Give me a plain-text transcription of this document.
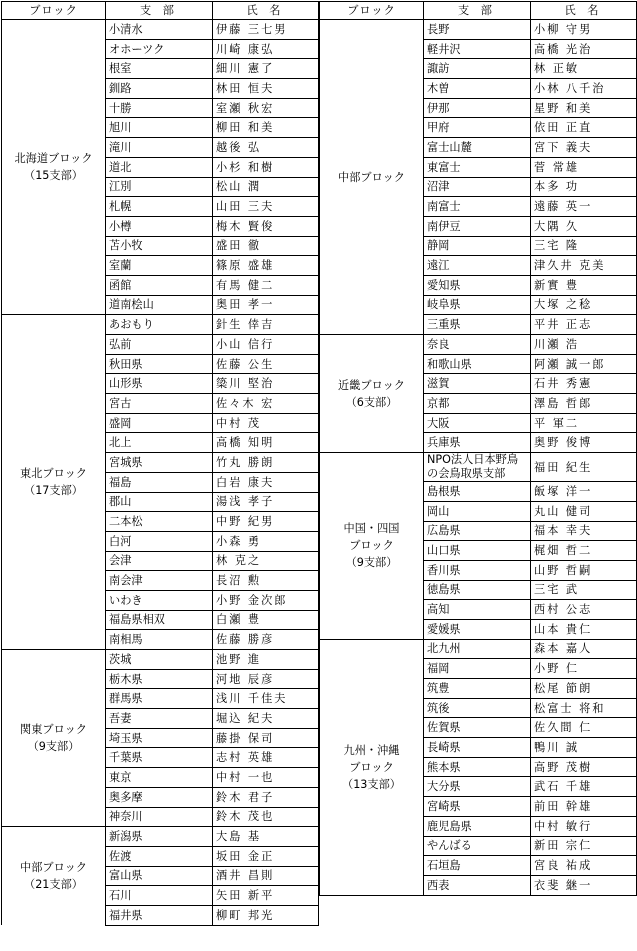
ブロック	支 部	氏 名
北海道ブロック
（15支部）	小清水	伊藤 三七男
	オホーツク	川崎 康弘
	根室	細川 憲了
	釧路	林田 恒夫
	十勝	室瀬 秋宏
	旭川	柳田 和美
	滝川	越後 弘
	道北	小杉 和樹
	江別	松山 潤
	札幌	山田 三夫
	小樽	梅木 賢俊
	苫小牧	盛田 徹
	室蘭	篠原 盛雄
	函館	有馬 健二
	道南桧山	奥田 孝一
東北ブロック
（17支部）	あおもり	針生 倖吉
	弘前	小山 信行
	秋田県	佐藤 公生
	山形県	簗川 堅治
	宮古	佐々木 宏
	盛岡	中村 茂
	北上	高橋 知明
	宮城県	竹丸 勝朗
	福島	白岩 康夫
	郡山	湯浅 孝子
	二本松	中野 紀男
	白河	小森 勇
	会津	林 克之
	南会津	長沼 勲
	いわき	小野 金次郎
	福島県相双	白瀬 豊
	南相馬	佐藤 勝彦
関東ブロック
（9支部）	茨城	池野 進
	栃木県	河地 辰彦
	群馬県	浅川 千佳夫
	吾妻	堀込 紀夫
	埼玉県	藤掛 保司
	千葉県	志村 英雄
	東京	中村 一也
	奥多摩	鈴木 君子
	神奈川	鈴木 茂也
中部ブロック
（21支部）	新潟県	大島 基
	佐渡	坂田 金正
	富山県	酒井 昌則
	石川	矢田 新平
	福井県	柳町 邦光
ブロック	支 部	氏 名
中部ブロック	長野	小柳 守男
	軽井沢	高橋 光治
	諏訪	林 正敏
	木曽	小林 八千治
	伊那	星野 和美
	甲府	依田 正直
	富士山麓	宮下 義夫
	東富士	菅 常雄
	沼津	本多 功
	南富士	遠藤 英一
	南伊豆	大隅 久
	静岡	三宅 隆
	遠江	津久井 克美
	愛知県	新實 豊
	岐阜県	大塚 之稔
	三重県	平井 正志
近畿ブロック
（6支部）	奈良	川瀬 浩
	和歌山県	阿瀬 誠一郎
	滋賀	石井 秀憲
	京都	澤島 哲郎
	大阪	平 軍二
	兵庫県	奥野 俊博
中国・四国
ブロック
（9支部）	NPO法人日本野鳥の会鳥取県支部	福田 紀生
	島根県	飯塚 洋一
	岡山	丸山 健司
	広島県	福本 幸夫
	山口県	梶畑 哲二
	香川県	山野 哲嗣
	徳島県	三宅 武
	高知	西村 公志
	愛媛県	山本 貴仁
九州・沖縄
ブロック
（13支部）	北九州	森本 嘉人
	福岡	小野 仁
	筑豊	松尾 節朗
	筑後	松富士 将和
	佐賀県	佐久間 仁
	長崎県	鴨川 誠
	熊本県	高野 茂樹
	大分県	武石 千雄
	宮崎県	前田 幹雄
	鹿児島県	中村 敏行
	やんばる	新田 宗仁
	石垣島	宮良 祐成
	西表	衣斐 継一
